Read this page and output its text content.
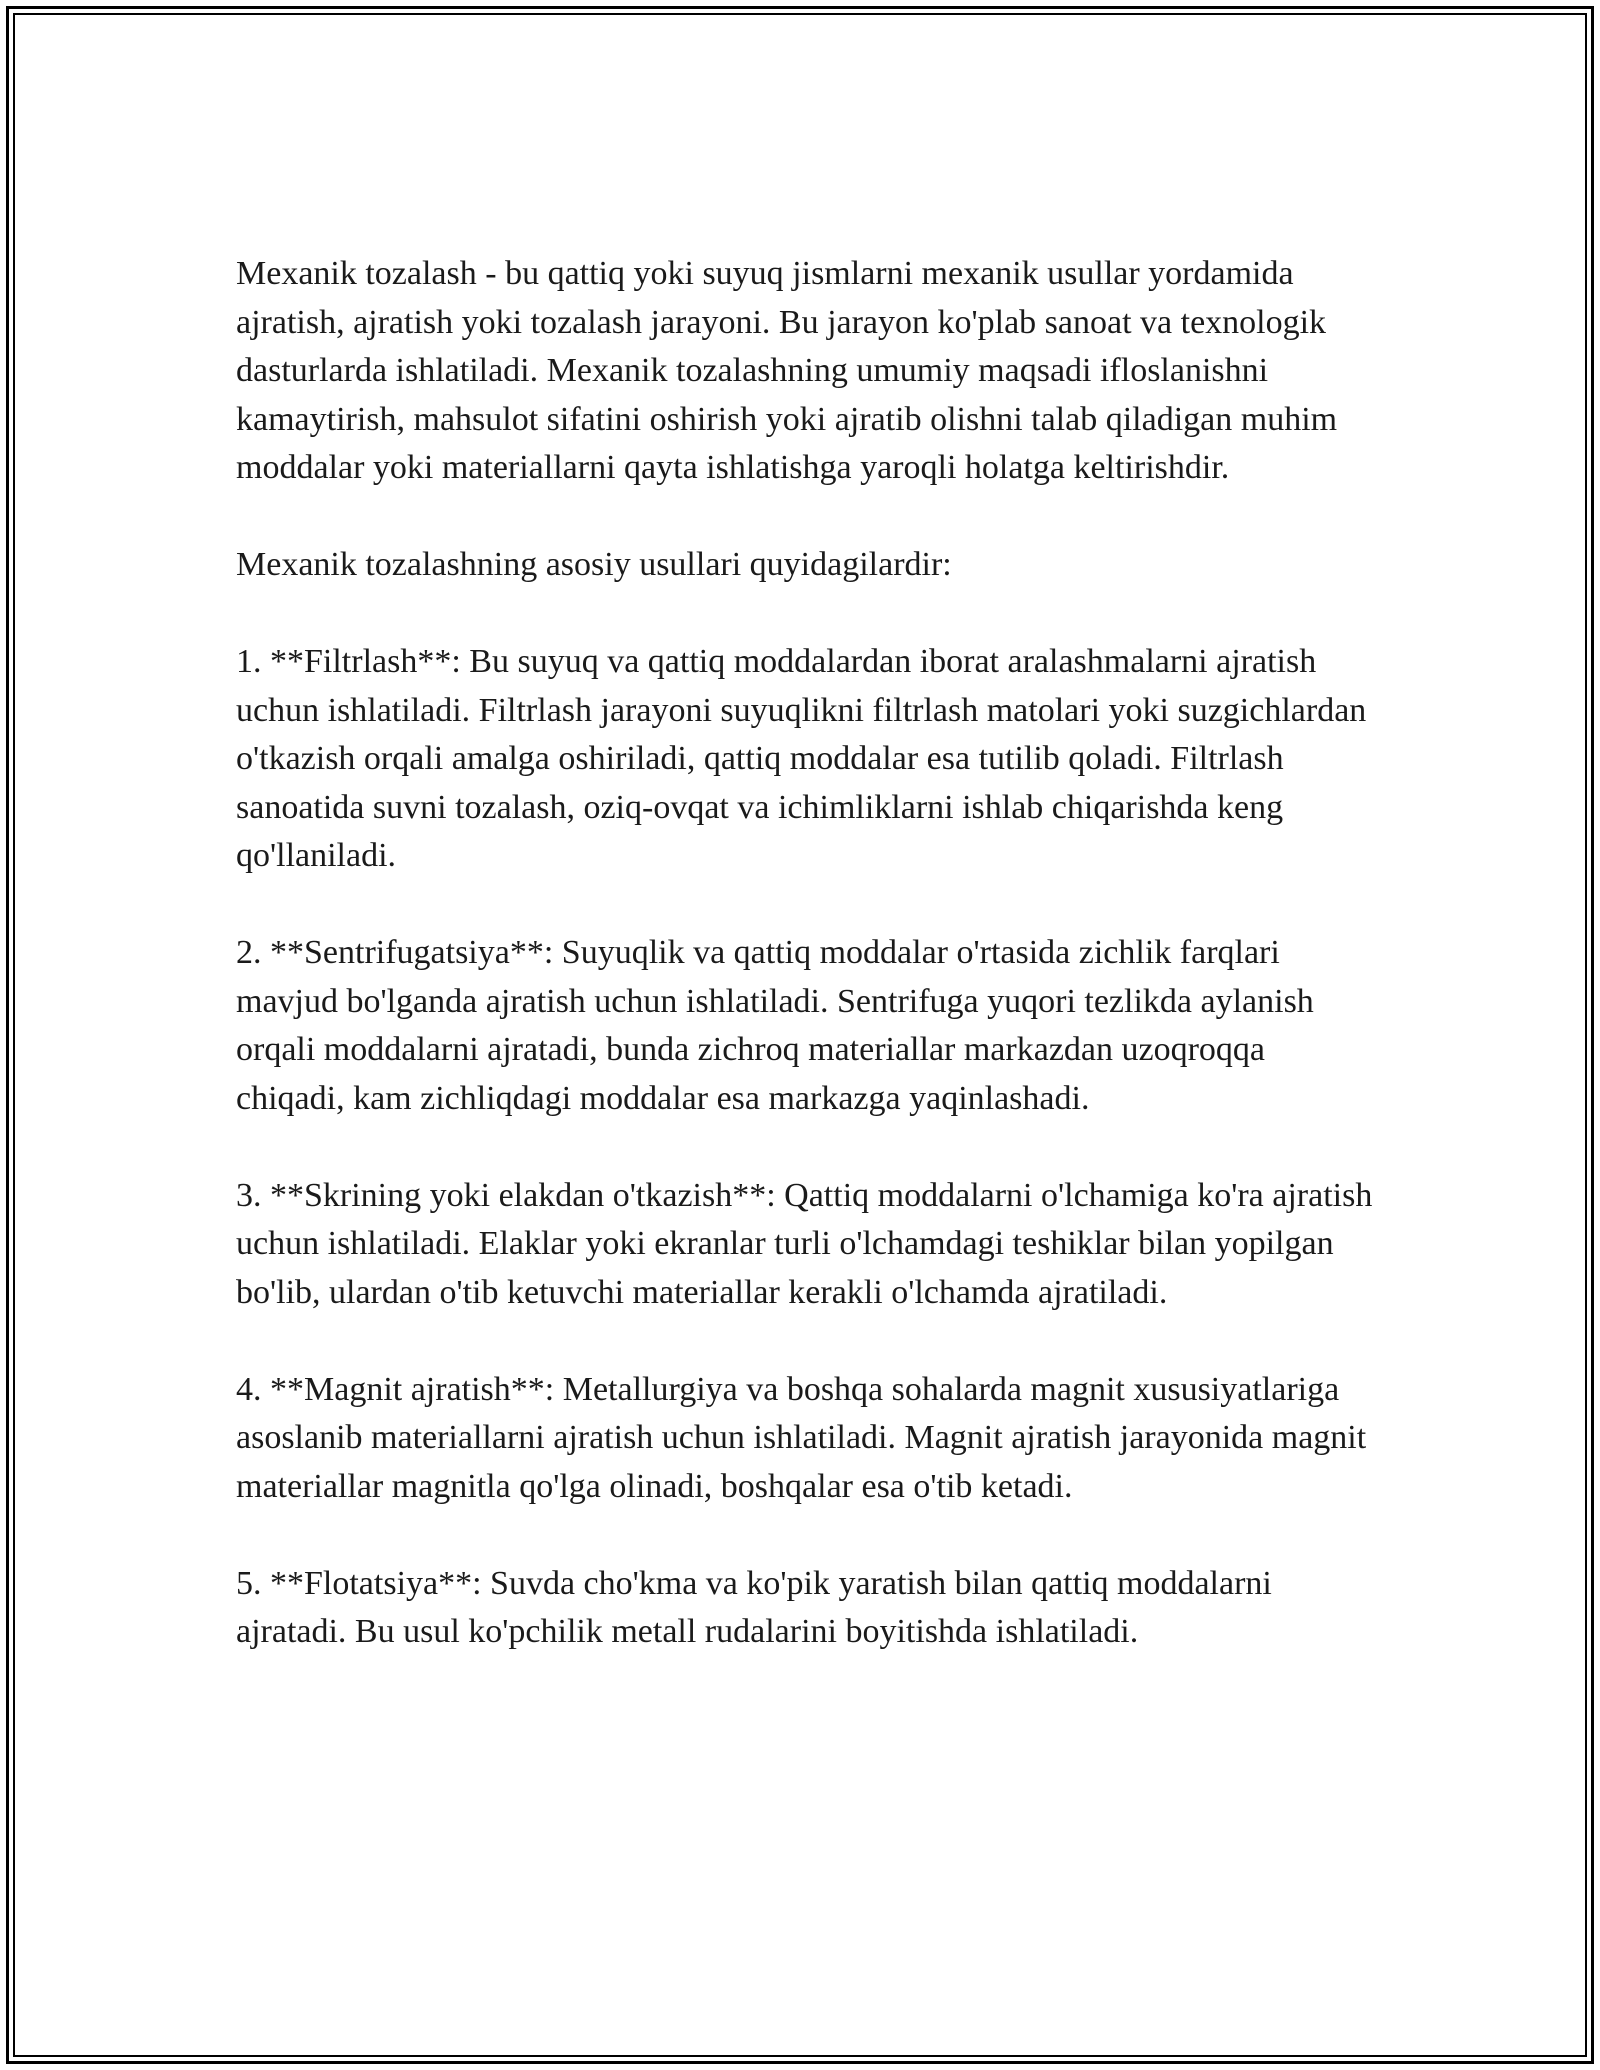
Mexanik tozalash - bu qattiq yoki suyuq jismlarni mexanik usullar yordamida ajratish, ajratish yoki tozalash jarayoni. Bu jarayon ko'plab sanoat va texnologik dasturlarda ishlatiladi. Mexanik tozalashning umumiy maqsadi ifloslanishni kamaytirish, mahsulot sifatini oshirish yoki ajratib olishni talab qiladigan muhim moddalar yoki materiallarni qayta ishlatishga yaroqli holatga keltirishdir.

Mexanik tozalashning asosiy usullari quyidagilardir:

1. **Filtrlash**: Bu suyuq va qattiq moddalardan iborat aralashmalarni ajratish uchun ishlatiladi. Filtrlash jarayoni suyuqlikni filtrlash matolari yoki suzgichlardan o'tkazish orqali amalga oshiriladi, qattiq moddalar esa tutilib qoladi. Filtrlash sanoatida suvni tozalash, oziq-ovqat va ichimliklarni ishlab chiqarishda keng qo'llaniladi.

2. **Sentrifugatsiya**: Suyuqlik va qattiq moddalar o'rtasida zichlik farqlari mavjud bo'lganda ajratish uchun ishlatiladi. Sentrifuga yuqori tezlikda aylanish orqali moddalarni ajratadi, bunda zichroq materiallar markazdan uzoqroqqa chiqadi, kam zichliqdagi moddalar esa markazga yaqinlashadi.

3. **Skrining yoki elakdan o'tkazish**: Qattiq moddalarni o'lchamiga ko'ra ajratish uchun ishlatiladi. Elaklar yoki ekranlar turli o'lchamdagi teshiklar bilan yopilgan bo'lib, ulardan o'tib ketuvchi materiallar kerakli o'lchamda ajratiladi.

4. **Magnit ajratish**: Metallurgiya va boshqa sohalarda magnit xususiyatlariga asoslanib materiallarni ajratish uchun ishlatiladi. Magnit ajratish jarayonida magnit materiallar magnitla qo'lga olinadi, boshqalar esa o'tib ketadi.

5. **Flotatsiya**: Suvda cho'kma va ko'pik yaratish bilan qattiq moddalarni ajratadi. Bu usul ko'pchilik metall rudalarini boyitishda ishlatiladi.
